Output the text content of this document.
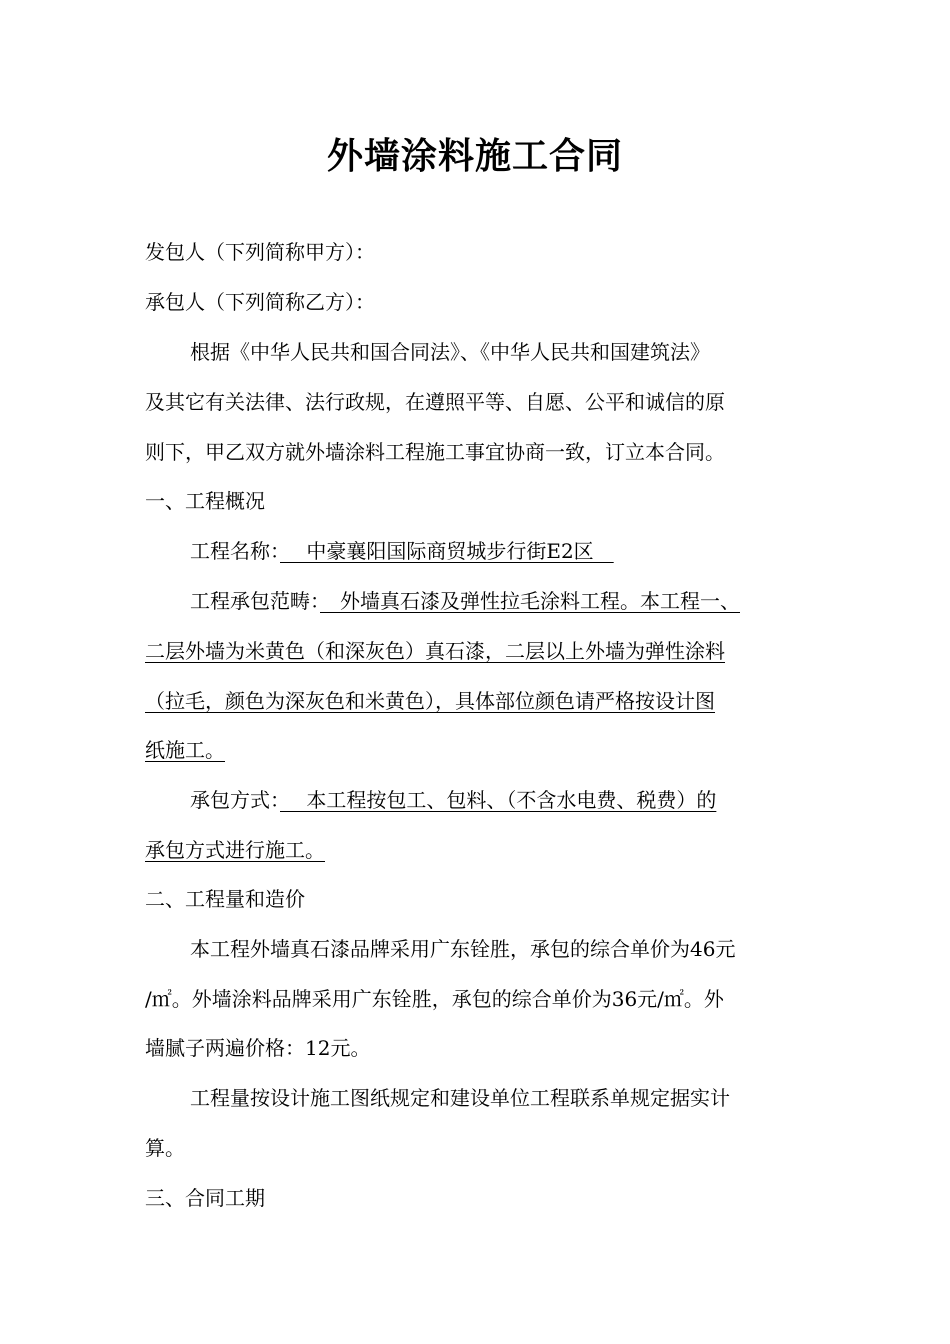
外墙涂料施工合同
发包人（下列简称甲方）：
承包人（下列简称乙方）：
根据《中华人民共和国合同法》、《中华人民共和国建筑法》
及其它有关法律、法行政规，在遵照平等、自愿、公平和诚信的原
则下，甲乙双方就外墙涂料工程施工事宜协商一致，订立本合同。
一、工程概况
工程名称：　 中豪襄阳国际商贸城步行街E2区　
工程承包范畴：　外墙真石漆及弹性拉毛涂料工程。本工程一、
二层外墙为米黄色（和深灰色）真石漆，二层以上外墙为弹性涂料
（拉毛，颜色为深灰色和米黄色），具体部位颜色请严格按设计图
纸施工。
承包方式：　 本工程按包工、包料、（不含水电费、税费）的
承包方式进行施工。
二、工程量和造价
本工程外墙真石漆品牌采用广东铨胜，承包的综合单价为46元
/㎡。外墙涂料品牌采用广东铨胜，承包的综合单价为36元/㎡。外
墙腻子两遍价格：12元。
工程量按设计施工图纸规定和建设单位工程联系单规定据实计
算。
三、合同工期
